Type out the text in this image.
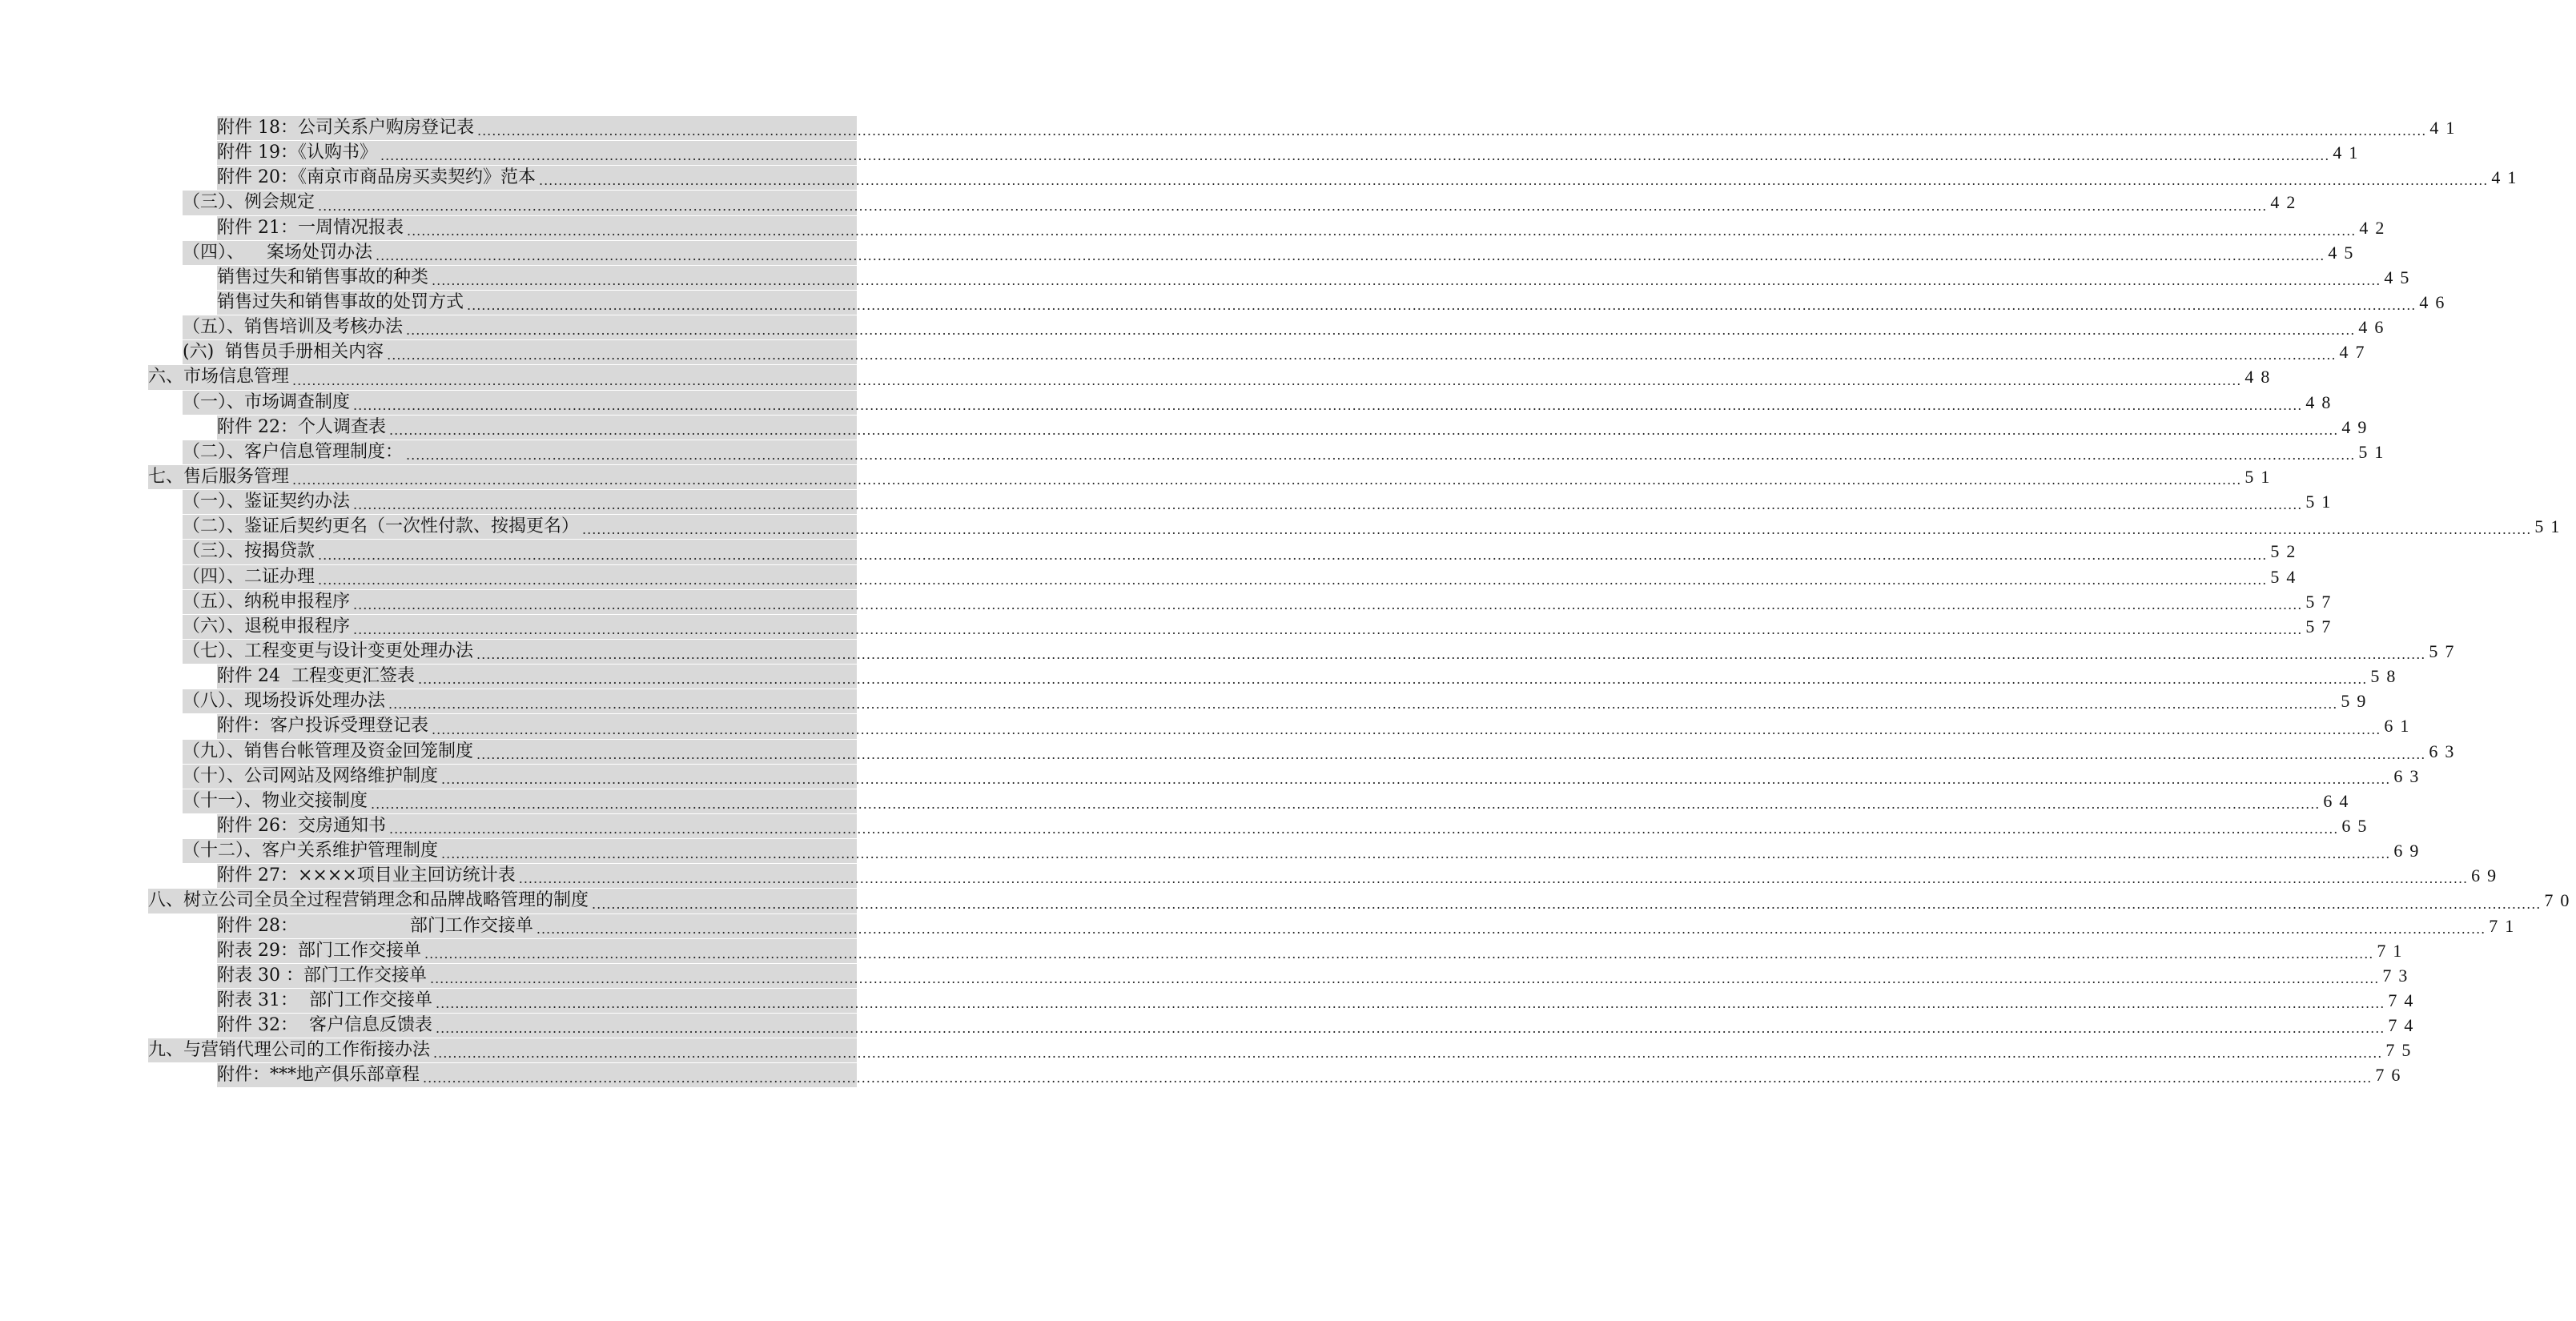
附件 18：公司关系户购房登记表 ................................................................................................................................................................................................................................................................................................................................................................................................................ 41
附件 19：《认购书》 ................................................................................................................................................................................................................................................................................................................................................................................................................ 41
附件 20：《南京市商品房买卖契约》范本 ................................................................................................................................................................................................................................................................................................................................................................................................................ 41
（三）、例会规定 ................................................................................................................................................................................................................................................................................................................................................................................................................ 42
附件 21：一周情况报表 ................................................................................................................................................................................................................................................................................................................................................................................................................ 42
（四）、    案场处罚办法 ................................................................................................................................................................................................................................................................................................................................................................................................................ 45
销售过失和销售事故的种类 ................................................................................................................................................................................................................................................................................................................................................................................................................ 45
销售过失和销售事故的处罚方式 ................................................................................................................................................................................................................................................................................................................................................................................................................ 46
（五）、销售培训及考核办法 ................................................................................................................................................................................................................................................................................................................................................................................................................ 46
(六)  销售员手册相关内容 ................................................................................................................................................................................................................................................................................................................................................................................................................ 47
六、市场信息管理 ................................................................................................................................................................................................................................................................................................................................................................................................................ 48
（一）、市场调查制度 ................................................................................................................................................................................................................................................................................................................................................................................................................ 48
附件 22：个人调查表 ................................................................................................................................................................................................................................................................................................................................................................................................................ 49
（二）、客户信息管理制度： ................................................................................................................................................................................................................................................................................................................................................................................................................ 51
七、售后服务管理 ................................................................................................................................................................................................................................................................................................................................................................................................................ 51
（一）、鉴证契约办法 ................................................................................................................................................................................................................................................................................................................................................................................................................ 51
（二）、鉴证后契约更名（一次性付款、按揭更名） ................................................................................................................................................................................................................................................................................................................................................................................................................ 51
（三）、按揭贷款 ................................................................................................................................................................................................................................................................................................................................................................................................................ 52
（四）、二证办理 ................................................................................................................................................................................................................................................................................................................................................................................................................ 54
（五）、纳税申报程序 ................................................................................................................................................................................................................................................................................................................................................................................................................ 57
（六）、退税申报程序 ................................................................................................................................................................................................................................................................................................................................................................................................................ 57
（七）、工程变更与设计变更处理办法 ................................................................................................................................................................................................................................................................................................................................................................................................................ 57
附件 24  工程变更汇签表 ................................................................................................................................................................................................................................................................................................................................................................................................................ 58
（八）、现场投诉处理办法 ................................................................................................................................................................................................................................................................................................................................................................................................................ 59
附件：客户投诉受理登记表 ................................................................................................................................................................................................................................................................................................................................................................................................................ 61
（九）、销售台帐管理及资金回笼制度 ................................................................................................................................................................................................................................................................................................................................................................................................................ 63
（十）、公司网站及网络维护制度 ................................................................................................................................................................................................................................................................................................................................................................................................................ 63
（十一）、物业交接制度 ................................................................................................................................................................................................................................................................................................................................................................................................................ 64
附件 26：交房通知书 ................................................................................................................................................................................................................................................................................................................................................................................................................ 65
（十二）、客户关系维护管理制度 ................................................................................................................................................................................................................................................................................................................................................................................................................ 69
附件 27：××××项目业主回访统计表 ................................................................................................................................................................................................................................................................................................................................................................................................................ 69
八、树立公司全员全过程营销理念和品牌战略管理的制度 ................................................................................................................................................................................................................................................................................................................................................................................................................ 70
附件 28：                    部门工作交接单 ................................................................................................................................................................................................................................................................................................................................................................................................................ 71
附表 29：部门工作交接单 ................................................................................................................................................................................................................................................................................................................................................................................................................ 71
附表 30 ：部门工作交接单 ................................................................................................................................................................................................................................................................................................................................................................................................................ 73
附表 31：  部门工作交接单 ................................................................................................................................................................................................................................................................................................................................................................................................................ 74
附件 32：  客户信息反馈表 ................................................................................................................................................................................................................................................................................................................................................................................................................ 74
九、与营销代理公司的工作衔接办法 ................................................................................................................................................................................................................................................................................................................................................................................................................ 75
附件：***地产俱乐部章程 ................................................................................................................................................................................................................................................................................................................................................................................................................ 76
